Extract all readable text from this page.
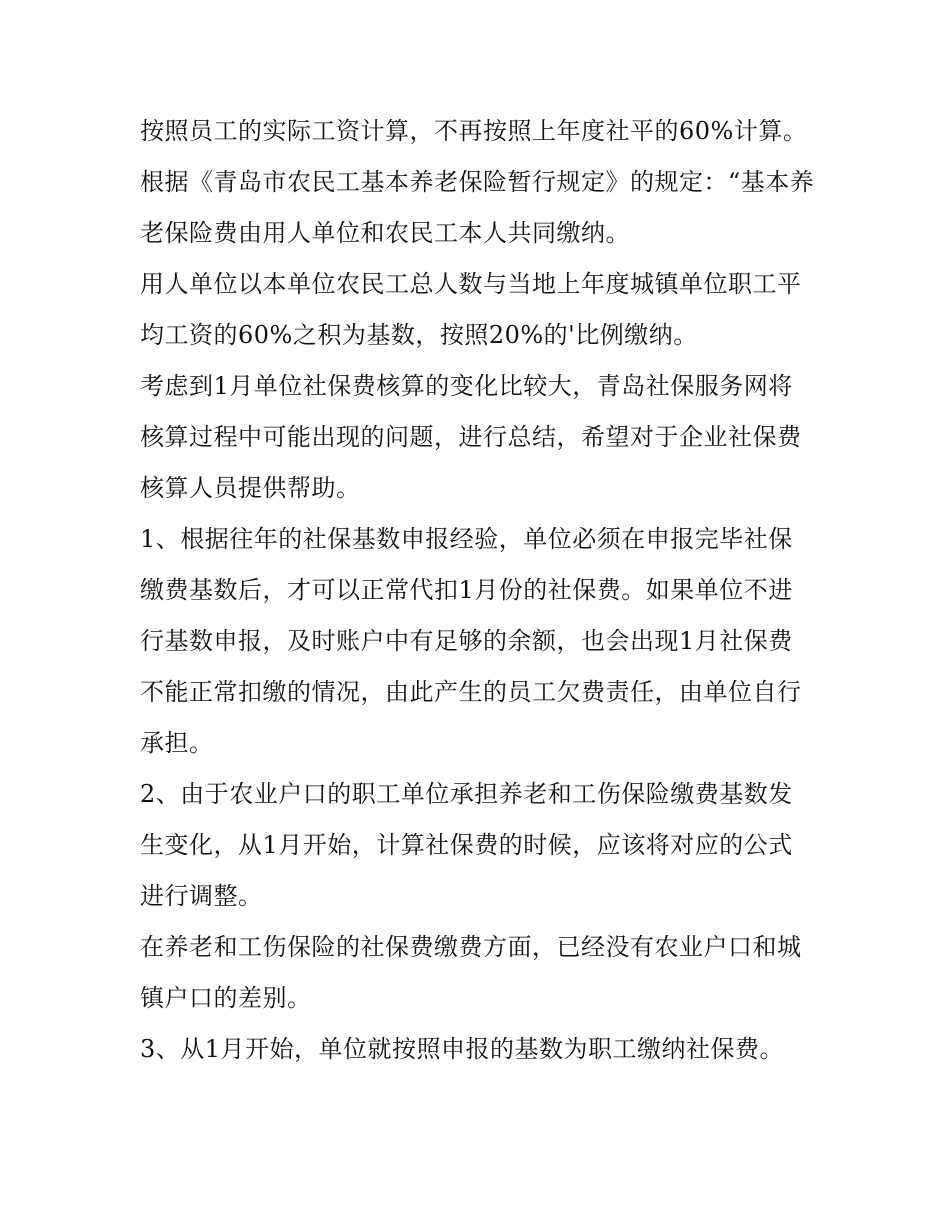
按照员工的实际工资计算，不再按照上年度社平的60%计算。

根据《青岛市农民工基本养老保险暂行规定》的规定：“基本养老保险费由用人单位和农民工本人共同缴纳。

用人单位以本单位农民工总人数与当地上年度城镇单位职工平均工资的60%之积为基数，按照20%的'比例缴纳。

考虑到1月单位社保费核算的变化比较大，青岛社保服务网将核算过程中可能出现的问题，进行总结，希望对于企业社保费核算人员提供帮助。

1、根据往年的社保基数申报经验，单位必须在申报完毕社保缴费基数后，才可以正常代扣1月份的社保费。如果单位不进行基数申报，及时账户中有足够的余额，也会出现1月社保费不能正常扣缴的情况，由此产生的员工欠费责任，由单位自行承担。

2、由于农业户口的职工单位承担养老和工伤保险缴费基数发生变化，从1月开始，计算社保费的时候，应该将对应的公式进行调整。

在养老和工伤保险的社保费缴费方面，已经没有农业户口和城镇户口的差别。

3、从1月开始，单位就按照申报的基数为职工缴纳社保费。
